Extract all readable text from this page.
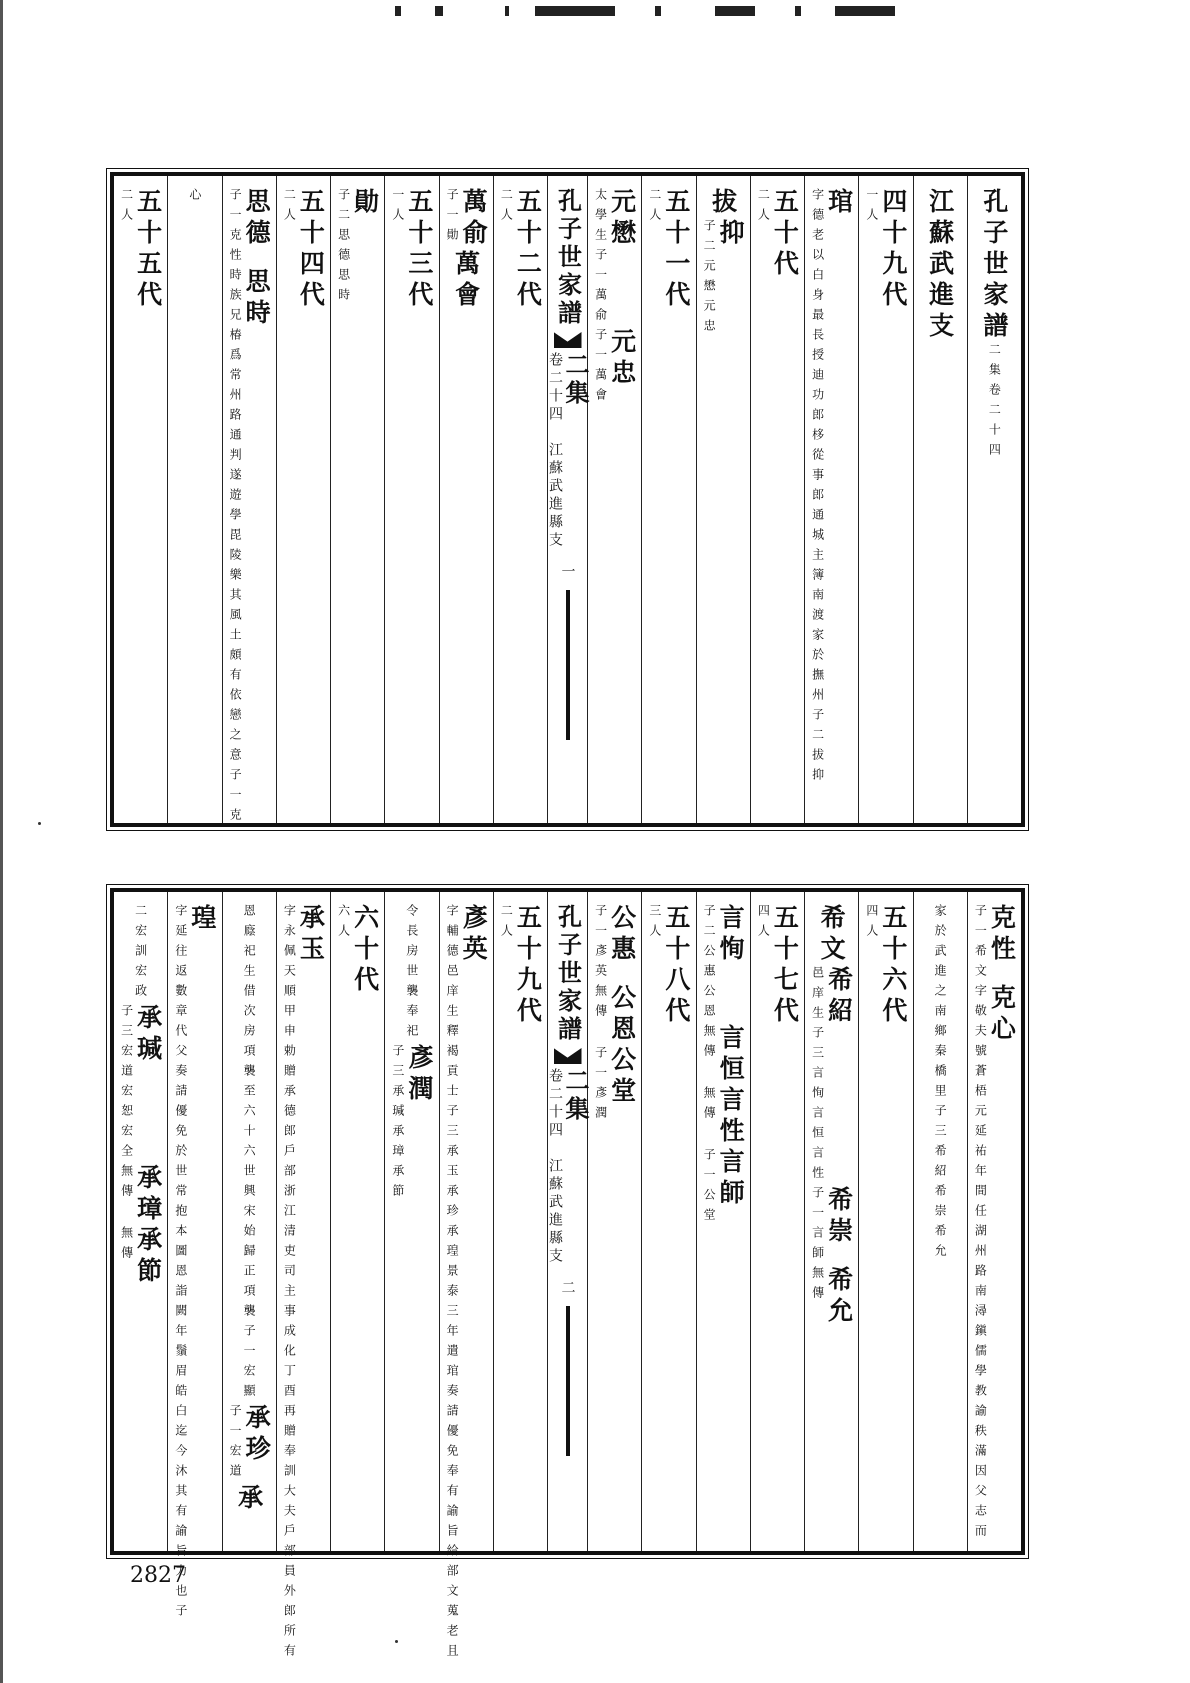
孔子世家譜
二集卷二十四
江蘇武進支
四十九代
一人
琯
字德老以白身最長授迪功郎栘從事郎通城主簿南渡家於撫州子二拔抑
五十代
二人
拔
抑
子二元懋元忠
五十一代
二人
元懋
太學生子一萬俞
元忠
子一萬會
孔子世家譜
二集
卷二十四　江蘇武進縣支
一
五十二代
二人
萬俞
子一勛
萬會
五十三代
一人
勛
子二思德思時
五十四代
二人
思德
子一克性
思時
時族兄椿爲常州路通判遂遊學毘陵樂其風土頗有依戀之意子一克
心
五十五代
二人
克性
子一希文
克心
字敬夫號蒼梧元延祐年間任湖州路南潯鎭儒學教諭秩滿因父志而
家於武進之南鄉秦橋里子三希紹希崇希允
五十六代
四人
希文
希紹
邑庠生子三言恂言恒言性
希崇
子一言師
希允
無傳
五十七代
四人
言恂
子二公惠公恩
言恒
無傳
言性
無傳
言師
子一公堂
五十八代
三人
公惠
子一彥英
公恩
無傳
公堂
子一彥潤
孔子世家譜
二集
卷二十四　江蘇武進縣支
二
五十九代
二人
彥英
字輔德邑庠生釋褐貢士子三承玉承珍承瑝景泰三年遣琯奏請優免奉有諭旨給部文蒐老且
令長房世襲奉祀
彥潤
子三承瑊承璋承節
六十代
六人
承玉
字永佩天順甲申勅贈承德郎戶部浙江清吏司主事成化丁酉再贈奉訓大夫戶部員外郎所有
恩廕祀生借次房項襲至六十六世興宋始歸正項襲子一宏顯
承珍
子一宏道
承
瑝
字延往返數章代父奏請優免於世常抱本圖恩詣闕年鬚眉皓白迄今沐其有諭旨力也子
二宏訓宏政
承瑊
子三宏道宏恕宏全
承璋
無傳
承節
無傳
2827
